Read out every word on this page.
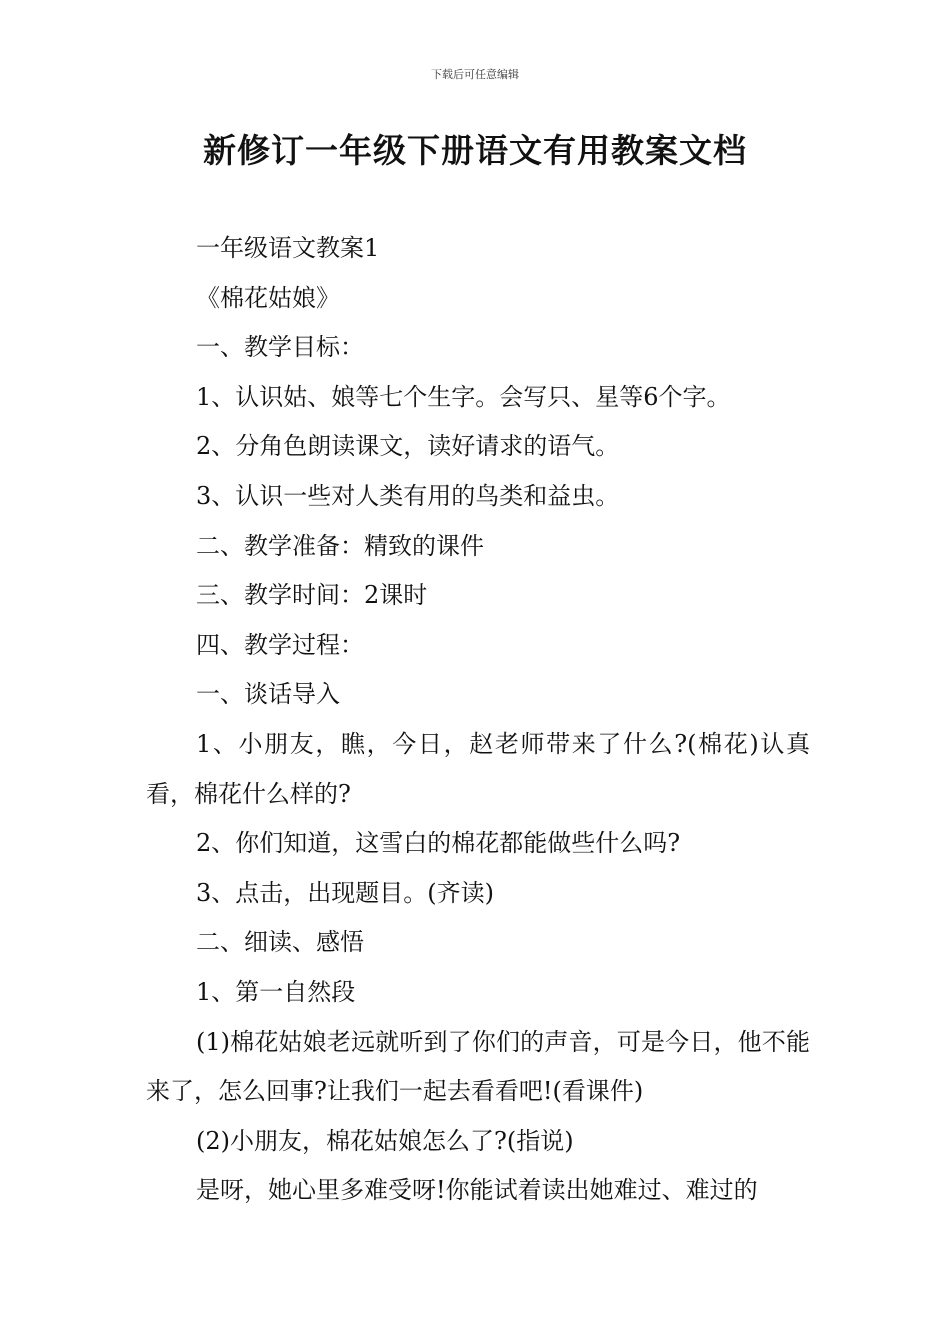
下载后可任意编辑
新修订一年级下册语文有用教案文档

一年级语文教案1

《棉花姑娘》

一、教学目标：

1、认识姑、娘等七个生字。会写只、星等6个字。

2、分角色朗读课文，读好请求的语气。

3、认识一些对人类有用的鸟类和益虫。

二、教学准备：精致的课件

三、教学时间：2课时

四、教学过程：

一、谈话导入

1、小朋友，瞧，今日，赵老师带来了什么?(棉花)认真看，棉花什么样的?

2、你们知道，这雪白的棉花都能做些什么吗?

3、点击，出现题目。(齐读)

二、细读、感悟

1、第一自然段

(1)棉花姑娘老远就听到了你们的声音，可是今日，他不能来了，怎么回事?让我们一起去看看吧!(看课件)

(2)小朋友，棉花姑娘怎么了?(指说)

是呀，她心里多难受呀!你能试着读出她难过、难过的
